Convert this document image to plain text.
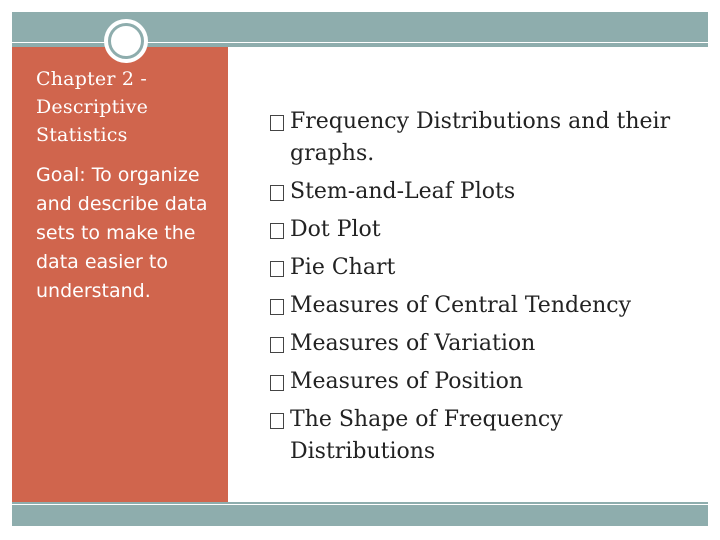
Chapter 2 - Descriptive Statistics
Goal: To organize and describe data sets to make the data easier to understand.
Frequency Distributions and their graphs.
Stem-and-Leaf Plots
Dot Plot
Pie Chart
Measures of Central Tendency
Measures of Variation
Measures of Position
The Shape of Frequency Distributions
